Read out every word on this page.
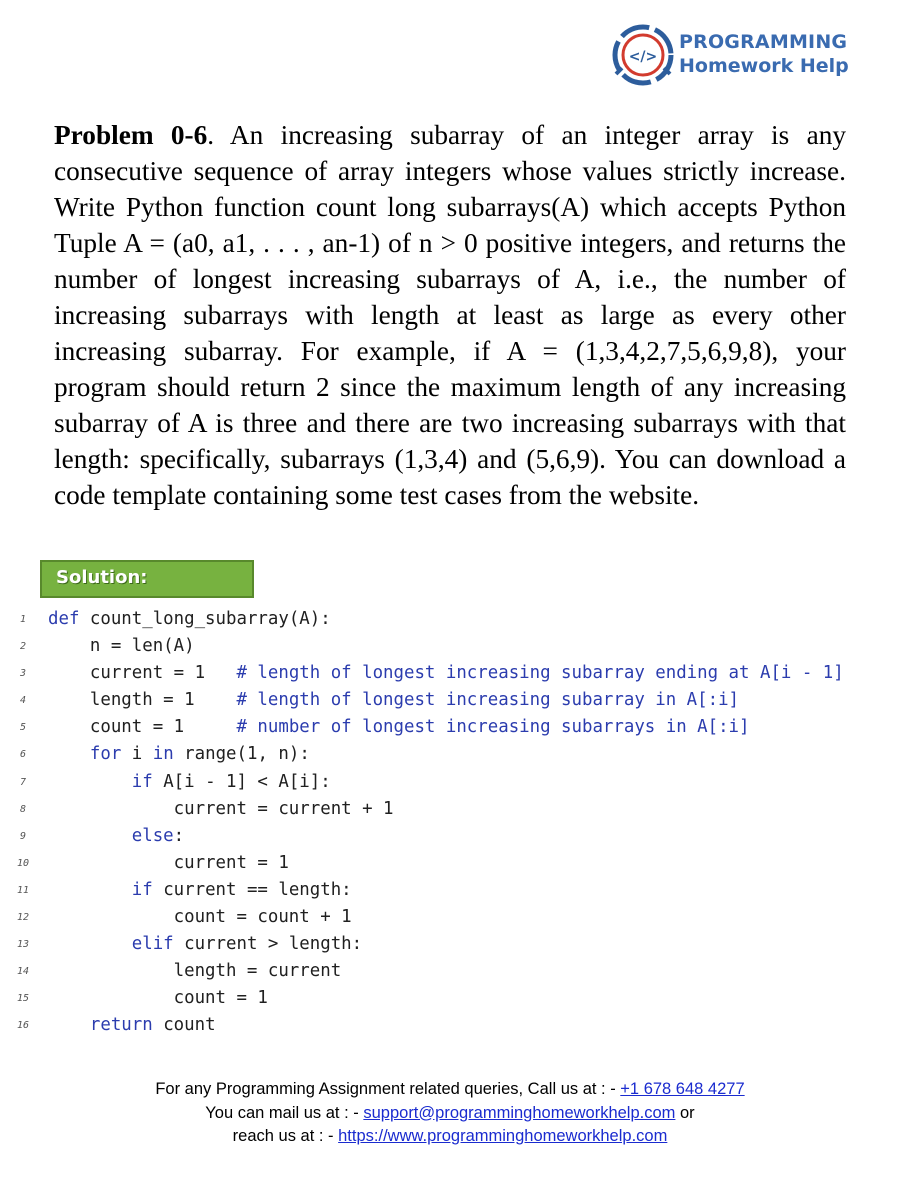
</>
PROGRAMMING
Homework Help

Problem 0-6. An increasing subarray of an integer array is any consecutive sequence of array integers whose values strictly increase. Write Python function count long subarrays(A) which accepts Python Tuple A = (a0, a1, . . . , an-1) of n > 0 positive integers, and returns the number of longest increasing subarrays of A, i.e., the number of increasing subarrays with length at least as large as every other increasing subarray. For example, if A = (1,3,4,2,7,5,6,9,8), your program should return 2 since the maximum length of any increasing subarray of A is three and there are two increasing subarrays with that length: specifically, subarrays (1,3,4) and (5,6,9). You can download a code template containing some test cases from the website.

Solution:
1 def count_long_subarray(A):
2 n = len(A)
3 current = 1   # length of longest increasing subarray ending at A[i - 1]
4 length = 1    # length of longest increasing subarray in A[:i]
5 count = 1     # number of longest increasing subarrays in A[:i]
6	for i in range(1, n):
7	if A[i - 1] < A[i]:
8 current = current + 1
9	else:
10 current = 1
11	if current == length:
12 count = count + 1
13	elif current > length:
14 length = current
15 count = 1
16	return count
For any Programming Assignment related queries, Call us at : - +1 678 648 4277
You can mail us at : - support@programminghomeworkhelp.com or
reach us at : - https://www.programminghomeworkhelp.com
